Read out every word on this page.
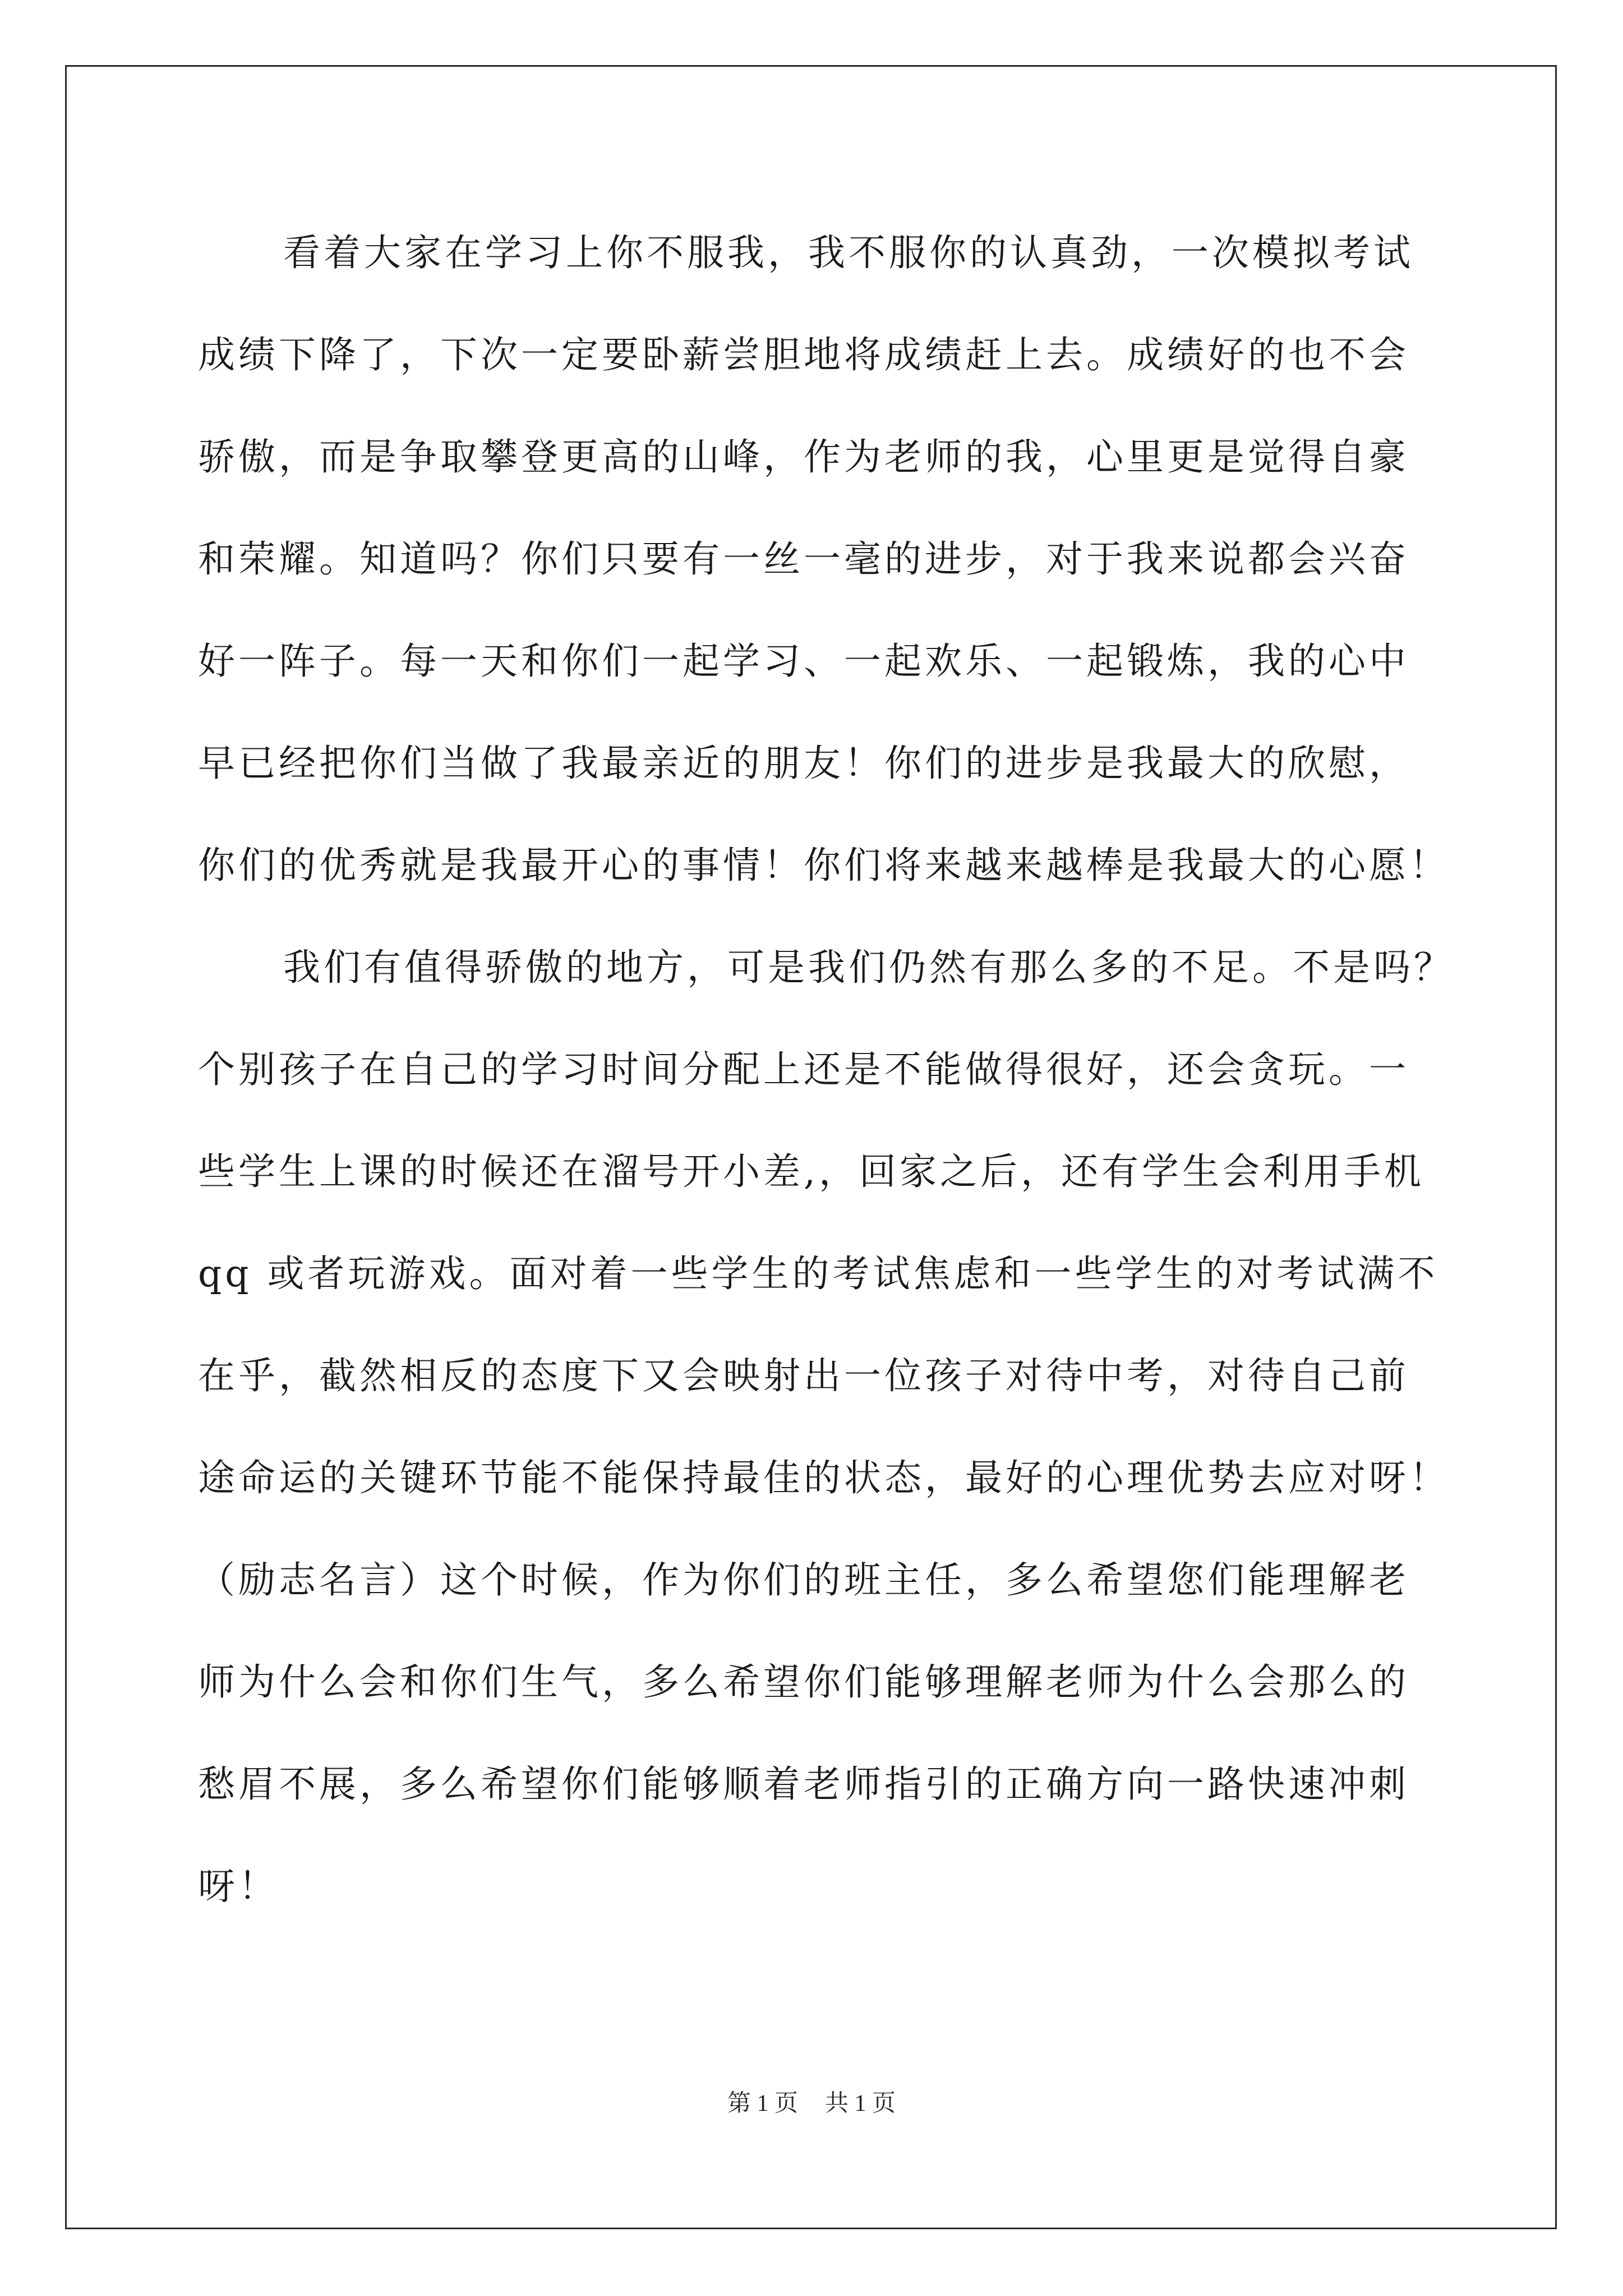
看着大家在学习上你不服我，我不服你的认真劲，一次模拟考试
成绩下降了，下次一定要卧薪尝胆地将成绩赶上去。成绩好的也不会
骄傲，而是争取攀登更高的山峰，作为老师的我，心里更是觉得自豪
和荣耀。知道吗？你们只要有一丝一毫的进步，对于我来说都会兴奋
好一阵子。每一天和你们一起学习、一起欢乐、一起锻炼，我的心中
早已经把你们当做了我最亲近的朋友！你们的进步是我最大的欣慰，
你们的优秀就是我最开心的事情！你们将来越来越棒是我最大的心愿！
我们有值得骄傲的地方，可是我们仍然有那么多的不足。不是吗？
个别孩子在自己的学习时间分配上还是不能做得很好，还会贪玩。一
些学生上课的时候还在溜号开小差,，回家之后，还有学生会利用手机
qq 或者玩游戏。面对着一些学生的考试焦虑和一些学生的对考试满不
在乎，截然相反的态度下又会映射出一位孩子对待中考，对待自己前
途命运的关键环节能不能保持最佳的状态，最好的心理优势去应对呀！
（励志名言）这个时候，作为你们的班主任，多么希望您们能理解老
师为什么会和你们生气，多么希望你们能够理解老师为什么会那么的
愁眉不展，多么希望你们能够顺着老师指引的正确方向一路快速冲刺
呀！
第 1 页 共 1 页
